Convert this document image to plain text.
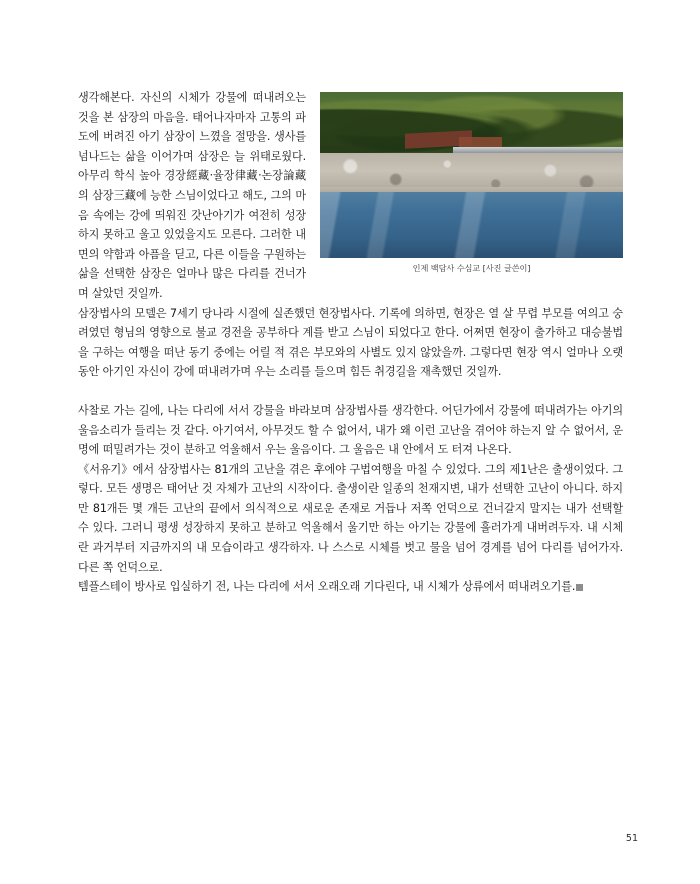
인제 백담사 수심교 [사진 글쓴이]

생각해본다. 자신의 시체가 강물에 떠내려오는 것을 본 삼장의 마음을. 태어나자마자 고통의 파도에 버려진 아기 삼장이 느꼈을 절망을. 생사를 넘나드는 삶을 이어가며 삼장은 늘 위태로웠다. 아무리 학식 높아 경장經藏·율장律藏·논장論藏의 삼장三藏에 능한 스님이었다고 해도, 그의 마음 속에는 강에 띄워진 갓난아기가 여전히 성장하지 못하고 울고 있었을지도 모른다. 그러한 내면의 약함과 아픔을 딛고, 다른 이들을 구원하는 삶을 선택한 삼장은 얼마나 많은 다리를 건너가며 살았던 것일까.

삼장법사의 모델은 7세기 당나라 시절에 실존했던 현장법사다. 기록에 의하면, 현장은 열 살 무렵 부모를 여의고 숭려였던 형님의 영향으로 불교 경전을 공부하다 계를 받고 스님이 되었다고 한다. 어쩌면 현장이 출가하고 대승불법을 구하는 여행을 떠난 동기 중에는 어릴 적 겪은 부모와의 사별도 있지 않았을까. 그렇다면 현장 역시 얼마나 오랫동안 아기인 자신이 강에 떠내려가며 우는 소리를 들으며 힘든 취경길을 재촉했던 것일까.

사찰로 가는 길에, 나는 다리에 서서 강물을 바라보며 삼장법사를 생각한다. 어딘가에서 강물에 떠내려가는 아기의 울음소리가 들리는 것 같다. 아기여서, 아무것도 할 수 없어서, 내가 왜 이런 고난을 겪어야 하는지 알 수 없어서, 운명에 떠밀려가는 것이 분하고 억울해서 우는 울음이다. 그 울음은 내 안에서 도 터져 나온다.

《서유기》에서 삼장법사는 81개의 고난을 겪은 후에야 구법여행을 마칠 수 있었다. 그의 제1난은 출생이었다. 그렇다. 모든 생명은 태어난 것 자체가 고난의 시작이다. 출생이란 일종의 천재지변, 내가 선택한 고난이 아니다. 하지만 81개든 몇 개든 고난의 끝에서 의식적으로 새로운 존재로 거듭나 저쪽 언덕으로 건너갈지 말지는 내가 선택할 수 있다. 그러니 평생 성장하지 못하고 분하고 억울해서 울기만 하는 아기는 강물에 흘러가게 내버려두자. 내 시체란 과거부터 지금까지의 내 모습이라고 생각하자. 나 스스로 시체를 벗고 물을 넘어 경계를 넘어 다리를 넘어가자. 다른 쪽 언덕으로.

템플스테이 방사로 입실하기 전, 나는 다리에 서서 오래오래 기다린다, 내 시체가 상류에서 떠내려오기를.

51
